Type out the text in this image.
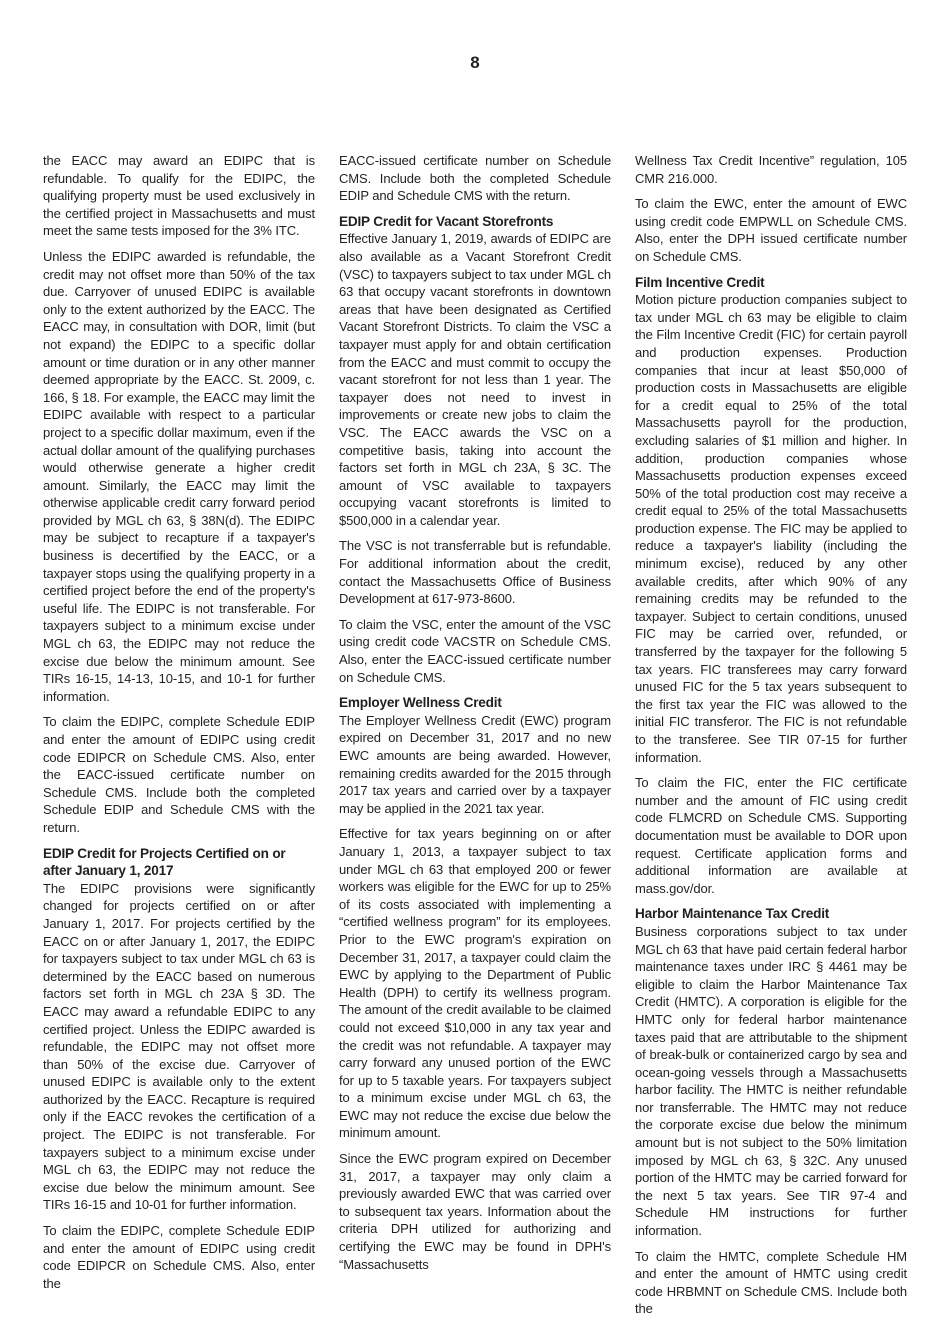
8

the EACC may award an EDIPC that is refundable. To qualify for the EDIPC, the qualifying property must be used exclusively in the certified project in Massachusetts and must meet the same tests imposed for the 3% ITC.

Unless the EDIPC awarded is refundable, the credit may not offset more than 50% of the tax due. Carryover of unused EDIPC is available only to the extent authorized by the EACC. The EACC may, in consultation with DOR, limit (but not expand) the EDIPC to a specific dollar amount or time duration or in any other manner deemed appropriate by the EACC. St. 2009, c. 166, § 18. For example, the EACC may limit the EDIPC available with respect to a particular project to a specific dollar maximum, even if the actual dollar amount of the qualifying purchases would otherwise generate a higher credit amount. Similarly, the EACC may limit the otherwise applicable credit carry forward period provided by MGL ch 63, § 38N(d). The EDIPC may be subject to recapture if a taxpayer's business is decertified by the EACC, or a taxpayer stops using the qualifying property in a certified project before the end of the property's useful life. The EDIPC is not transferable. For taxpayers subject to a minimum excise under MGL ch 63, the EDIPC may not reduce the excise due below the minimum amount. See TIRs 16-15, 14-13, 10-15, and 10-1 for further information.

To claim the EDIPC, complete Schedule EDIP and enter the amount of EDIPC using credit code EDIPCR on Schedule CMS. Also, enter the EACC-issued certificate number on Schedule CMS. Include both the completed Schedule EDIP and Schedule CMS with the return.

EDIP Credit for Projects Certified on or after January 1, 2017

The EDIPC provisions were significantly changed for projects certified on or after January 1, 2017. For projects certified by the EACC on or after January 1, 2017, the EDIPC for taxpayers subject to tax under MGL ch 63 is determined by the EACC based on numerous factors set forth in MGL ch 23A § 3D. The EACC may award a refundable EDIPC to any certified project. Unless the EDIPC awarded is refundable, the EDIPC may not offset more than 50% of the excise due. Carryover of unused EDIPC is available only to the extent authorized by the EACC. Recapture is required only if the EACC revokes the certification of a project. The EDIPC is not transferable. For taxpayers subject to a minimum excise under MGL ch 63, the EDIPC may not reduce the excise due below the minimum amount. See TIRs 16-15 and 10-01 for further information.

To claim the EDIPC, complete Schedule EDIP and enter the amount of EDIPC using credit code EDIPCR on Schedule CMS. Also, enter the

EACC-issued certificate number on Schedule CMS. Include both the completed Schedule EDIP and Schedule CMS with the return.

EDIP Credit for Vacant Storefronts

Effective January 1, 2019, awards of EDIPC are also available as a Vacant Storefront Credit (VSC) to taxpayers subject to tax under MGL ch 63 that occupy vacant storefronts in downtown areas that have been designated as Certified Vacant Storefront Districts. To claim the VSC a taxpayer must apply for and obtain certification from the EACC and must commit to occupy the vacant storefront for not less than 1 year. The taxpayer does not need to invest in improvements or create new jobs to claim the VSC. The EACC awards the VSC on a competitive basis, taking into account the factors set forth in MGL ch 23A, § 3C. The amount of VSC available to taxpayers occupying vacant storefronts is limited to $500,000 in a calendar year.

The VSC is not transferrable but is refundable. For additional information about the credit, contact the Massachusetts Office of Business Development at 617-973-8600.

To claim the VSC, enter the amount of the VSC using credit code VACSTR on Schedule CMS. Also, enter the EACC-issued certificate number on Schedule CMS.

Employer Wellness Credit

The Employer Wellness Credit (EWC) program expired on December 31, 2017 and no new EWC amounts are being awarded. However, remaining credits awarded for the 2015 through 2017 tax years and carried over by a taxpayer may be applied in the 2021 tax year.

Effective for tax years beginning on or after January 1, 2013, a taxpayer subject to tax under MGL ch 63 that employed 200 or fewer workers was eligible for the EWC for up to 25% of its costs associated with implementing a “certified wellness program” for its employees. Prior to the EWC program's expiration on December 31, 2017, a taxpayer could claim the EWC by applying to the Department of Public Health (DPH) to certify its wellness program. The amount of the credit available to be claimed could not exceed $10,000 in any tax year and the credit was not refundable. A taxpayer may carry forward any unused portion of the EWC for up to 5 taxable years. For taxpayers subject to a minimum excise under MGL ch 63, the EWC may not reduce the excise due below the minimum amount.

Since the EWC program expired on December 31, 2017, a taxpayer may only claim a previously awarded EWC that was carried over to subsequent tax years. Information about the criteria DPH utilized for authorizing and certifying the EWC may be found in DPH's “Massachusetts

Wellness Tax Credit Incentive” regulation, 105 CMR 216.000.

To claim the EWC, enter the amount of EWC using credit code EMPWLL on Schedule CMS. Also, enter the DPH issued certificate number on Schedule CMS.

Film Incentive Credit

Motion picture production companies subject to tax under MGL ch 63 may be eligible to claim the Film Incentive Credit (FIC) for certain payroll and production expenses. Production companies that incur at least $50,000 of production costs in Massachusetts are eligible for a credit equal to 25% of the total Massachusetts payroll for the production, excluding salaries of $1 million and higher. In addition, production companies whose Massachusetts production expenses exceed 50% of the total production cost may receive a credit equal to 25% of the total Massachusetts production expense. The FIC may be applied to reduce a taxpayer's liability (including the minimum excise), reduced by any other available credits, after which 90% of any remaining credits may be refunded to the taxpayer. Subject to certain conditions, unused FIC may be carried over, refunded, or transferred by the taxpayer for the following 5 tax years. FIC transferees may carry forward unused FIC for the 5 tax years subsequent to the first tax year the FIC was allowed to the initial FIC transferor. The FIC is not refundable to the transferee. See TIR 07-15 for further information.

To claim the FIC, enter the FIC certificate number and the amount of FIC using credit code FLMCRD on Schedule CMS. Supporting documentation must be available to DOR upon request. Certificate application forms and additional information are available at mass.gov/dor.

Harbor Maintenance Tax Credit

Business corporations subject to tax under MGL ch 63 that have paid certain federal harbor maintenance taxes under IRC § 4461 may be eligible to claim the Harbor Maintenance Tax Credit (HMTC). A corporation is eligible for the HMTC only for federal harbor maintenance taxes paid that are attributable to the shipment of break-bulk or containerized cargo by sea and ocean-going vessels through a Massachusetts harbor facility. The HMTC is neither refundable nor transferrable. The HMTC may not reduce the corporate excise due below the minimum amount but is not subject to the 50% limitation imposed by MGL ch 63, § 32C. Any unused portion of the HMTC may be carried forward for the next 5 tax years. See TIR 97-4 and Schedule HM instructions for further information.

To claim the HMTC, complete Schedule HM and enter the amount of HMTC using credit code HRBMNT on Schedule CMS. Include both the
